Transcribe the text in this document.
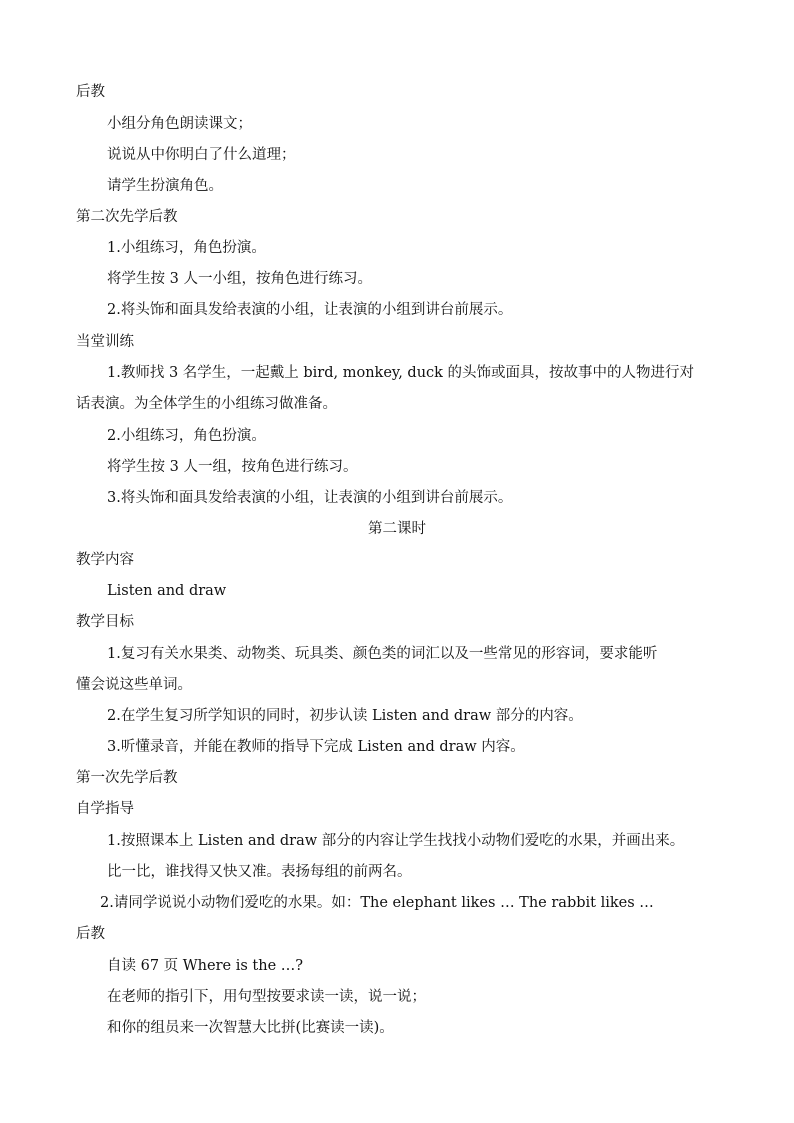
后教
小组分角色朗读课文；
说说从中你明白了什么道理；
请学生扮演角色。
第二次先学后教
1.小组练习，角色扮演。
将学生按 3 人一小组，按角色进行练习。
2.将头饰和面具发给表演的小组，让表演的小组到讲台前展示。
当堂训练
1.教师找 3 名学生，一起戴上 bird, monkey, duck 的头饰或面具，按故事中的人物进行对
话表演。为全体学生的小组练习做准备。
2.小组练习，角色扮演。
将学生按 3 人一组，按角色进行练习。
3.将头饰和面具发给表演的小组，让表演的小组到讲台前展示。
第二课时
教学内容
Listen and draw
教学目标
1.复习有关水果类、动物类、玩具类、颜色类的词汇以及一些常见的形容词，要求能听
懂会说这些单词。
2.在学生复习所学知识的同时，初步认读 Listen and draw 部分的内容。
3.听懂录音，并能在教师的指导下完成 Listen and draw 内容。
第一次先学后教
自学指导
1.按照课本上 Listen and draw 部分的内容让学生找找小动物们爱吃的水果，并画出来。
比一比，谁找得又快又准。表扬每组的前两名。
2.请同学说说小动物们爱吃的水果。如：The elephant likes … The rabbit likes …
后教
自读 67 页 Where is the …?
在老师的指引下，用句型按要求读一读，说一说；
和你的组员来一次智慧大比拼(比赛读一读)。
